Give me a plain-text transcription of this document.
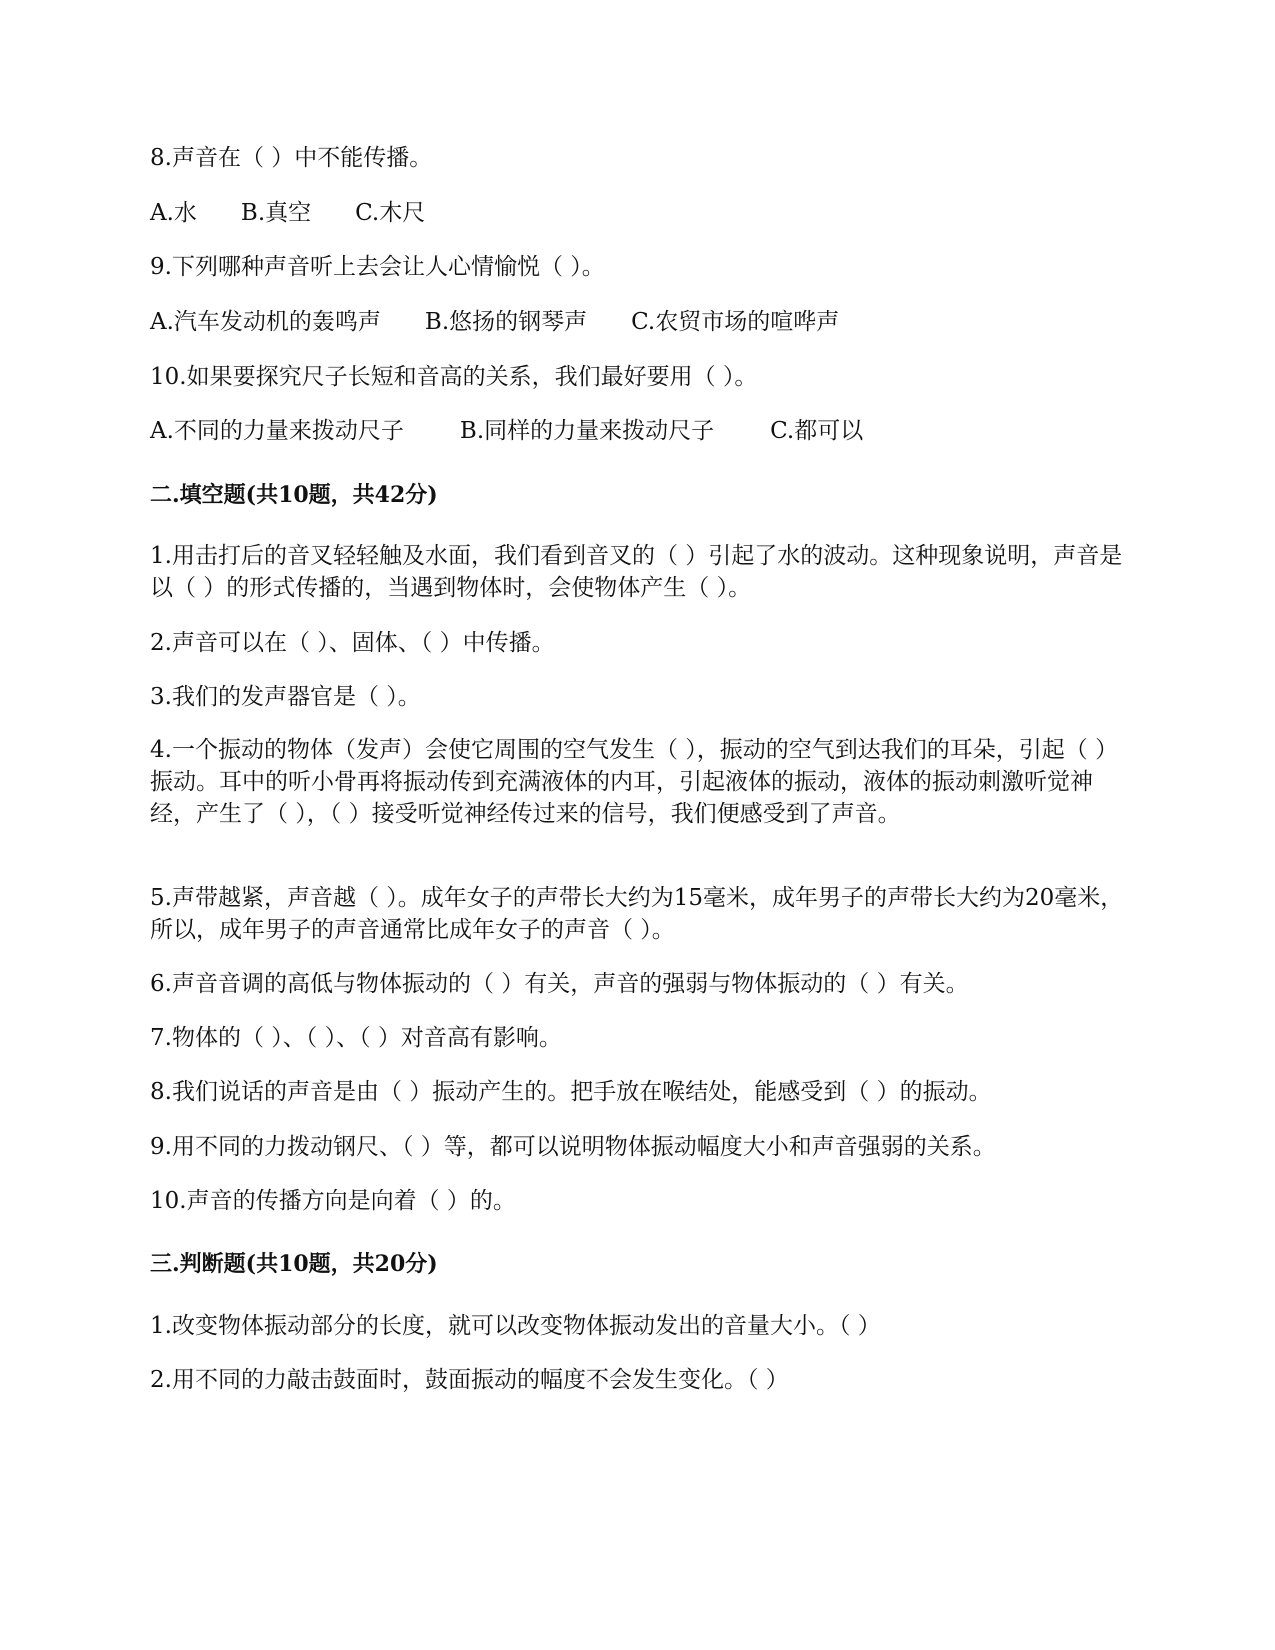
8.声音在（ ）中不能传播。
A.水 B.真空 C.木尺
9.下列哪种声音听上去会让人心情愉悦（ ）。
A.汽车发动机的轰鸣声 B.悠扬的钢琴声 C.农贸市场的喧哗声
10.如果要探究尺子长短和音高的关系，我们最好要用（ ）。
A.不同的力量来拨动尺子 B.同样的力量来拨动尺子 C.都可以
二.填空题(共10题，共42分)
1.用击打后的音叉轻轻触及水面，我们看到音叉的（ ）引起了水的波动。这种现象说明，声音是以（ ）的形式传播的，当遇到物体时，会使物体产生（ ）。
2.声音可以在（ ）、固体、（ ）中传播。
3.我们的发声器官是（ ）。
4.一个振动的物体（发声）会使它周围的空气发生（ ），振动的空气到达我们的耳朵，引起（ ）振动。耳中的听小骨再将振动传到充满液体的内耳，引起液体的振动，液体的振动刺激听觉神经，产生了（ ），（ ）接受听觉神经传过来的信号，我们便感受到了声音。
5.声带越紧，声音越（ ）。成年女子的声带长大约为15毫米，成年男子的声带长大约为20毫米，所以，成年男子的声音通常比成年女子的声音（ ）。
6.声音音调的高低与物体振动的（ ）有关，声音的强弱与物体振动的（ ）有关。
7.物体的（ ）、（ ）、（ ）对音高有影响。
8.我们说话的声音是由（ ）振动产生的。把手放在喉结处，能感受到（ ）的振动。
9.用不同的力拨动钢尺、（ ）等，都可以说明物体振动幅度大小和声音强弱的关系。
10.声音的传播方向是向着（ ）的。
三.判断题(共10题，共20分)
1.改变物体振动部分的长度，就可以改变物体振动发出的音量大小。（ ）
2.用不同的力敲击鼓面时，鼓面振动的幅度不会发生变化。（ ）
